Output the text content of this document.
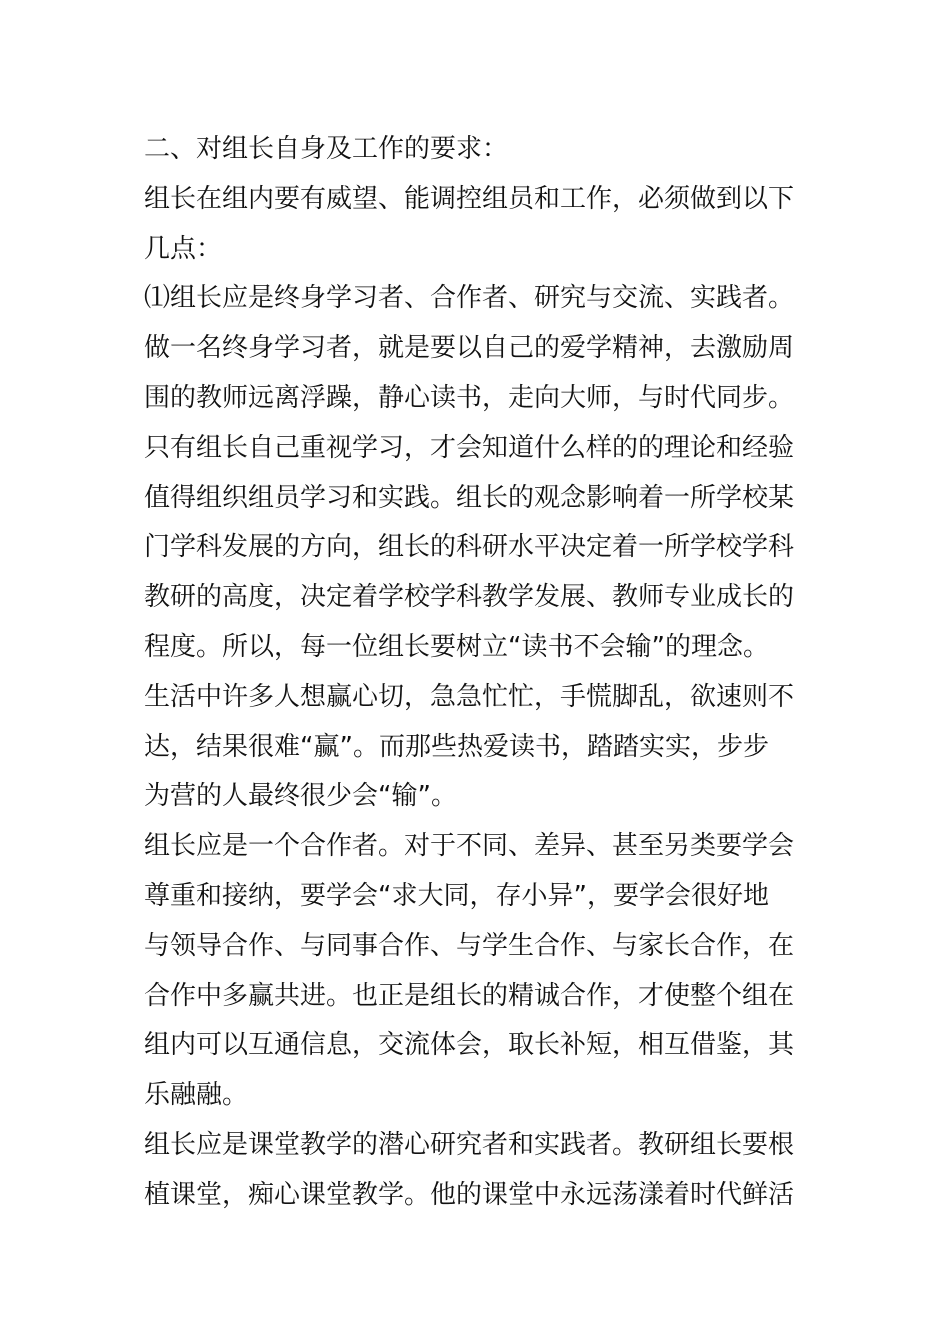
二、对组长自身及工作的要求：
组长在组内要有威望、能调控组员和工作，必须做到以下
几点：
⑴组长应是终身学习者、合作者、研究与交流、实践者。
做一名终身学习者，就是要以自己的爱学精神，去激励周
围的教师远离浮躁，静心读书，走向大师，与时代同步。
只有组长自己重视学习，才会知道什么样的的理论和经验
值得组织组员学习和实践。组长的观念影响着一所学校某
门学科发展的方向，组长的科研水平决定着一所学校学科
教研的高度，决定着学校学科教学发展、教师专业成长的
程度。所以，每一位组长要树立“读书不会输”的理念。
生活中许多人想赢心切，急急忙忙，手慌脚乱，欲速则不
达，结果很难“赢”。而那些热爱读书，踏踏实实，步步
为营的人最终很少会“输”。
组长应是一个合作者。对于不同、差异、甚至另类要学会
尊重和接纳，要学会“求大同，存小异”，要学会很好地
与领导合作、与同事合作、与学生合作、与家长合作，在
合作中多赢共进。也正是组长的精诚合作，才使整个组在
组内可以互通信息，交流体会，取长补短，相互借鉴，其
乐融融。
组长应是课堂教学的潜心研究者和实践者。教研组长要根
植课堂，痴心课堂教学。他的课堂中永远荡漾着时代鲜活
